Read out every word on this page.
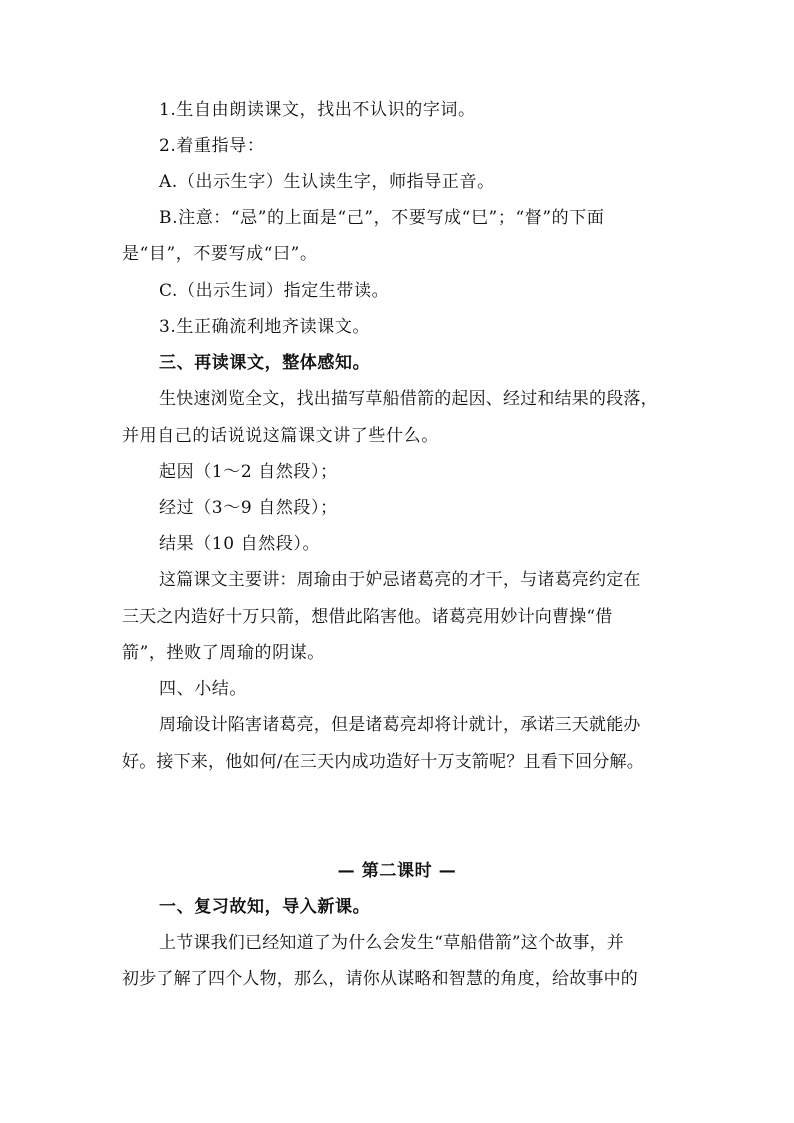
1.生自由朗读课文，找出不认识的字词。
2.着重指导：
A.（出示生字）生认读生字，师指导正音。
B.注意：“忌”的上面是“己”，不要写成“巳”；“督”的下面
是“目”，不要写成“曰”。
C.（出示生词）指定生带读。
3.生正确流利地齐读课文。
三、再读课文，整体感知。
生快速浏览全文，找出描写草船借箭的起因、经过和结果的段落，
并用自己的话说说这篇课文讲了些什么。
起因（1～2 自然段）；
经过（3～9 自然段）；
结果（10 自然段）。
这篇课文主要讲：周瑜由于妒忌诸葛亮的才干，与诸葛亮约定在
三天之内造好十万只箭，想借此陷害他。诸葛亮用妙计向曹操“借
箭”，挫败了周瑜的阴谋。
四、小结。
周瑜设计陷害诸葛亮，但是诸葛亮却将计就计，承诺三天就能办
好。接下来，他如何/在三天内成功造好十万支箭呢？且看下回分解。
— 第二课时 —
一、复习故知，导入新课。
上节课我们已经知道了为什么会发生“草船借箭”这个故事，并
初步了解了四个人物，那么，请你从谋略和智慧的角度，给故事中的
